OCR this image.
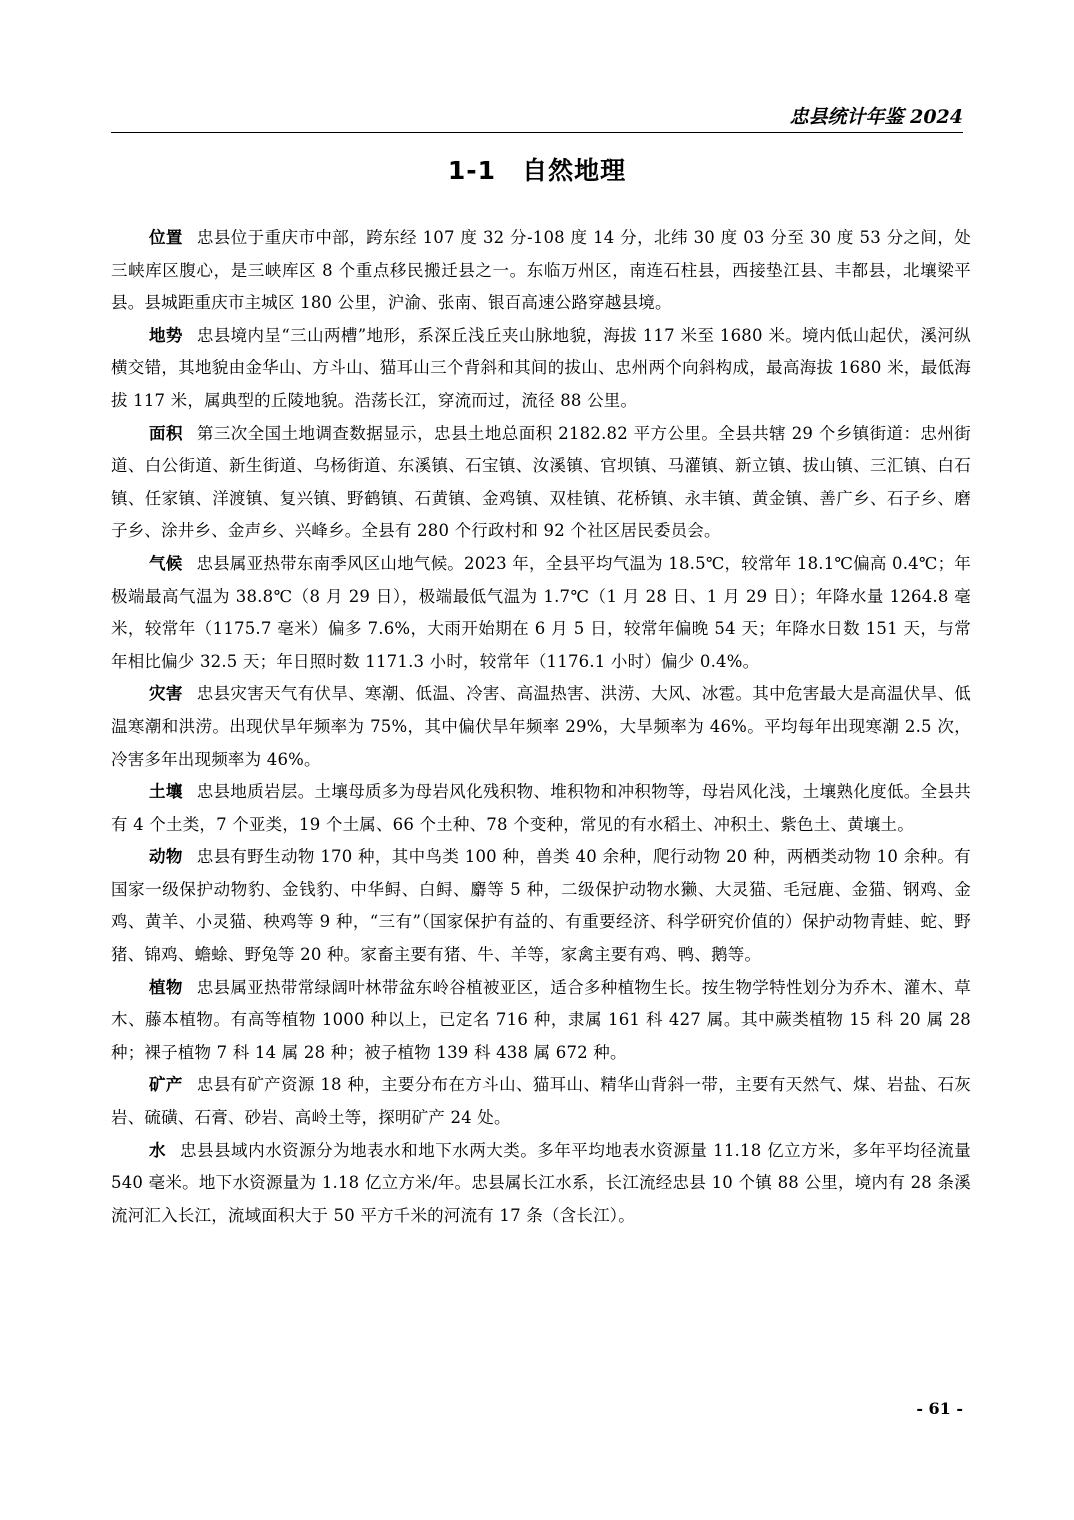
忠县统计年鉴 2024
1-1 自然地理

位置 忠县位于重庆市中部，跨东经 107 度 32 分-108 度 14 分，北纬 30 度 03 分至 30 度 53 分之间，处三峡库区腹心，是三峡库区 8 个重点移民搬迁县之一。东临万州区，南连石柱县，西接垫江县、丰都县，北壤梁平县。县城距重庆市主城区 180 公里，沪渝、张南、银百高速公路穿越县境。

地势 忠县境内呈“三山两槽”地形，系深丘浅丘夹山脉地貌，海拔 117 米至 1680 米。境内低山起伏，溪河纵横交错，其地貌由金华山、方斗山、猫耳山三个背斜和其间的拔山、忠州两个向斜构成，最高海拔 1680 米，最低海拔 117 米，属典型的丘陵地貌。浩荡长江，穿流而过，流径 88 公里。

面积 第三次全国土地调查数据显示，忠县土地总面积 2182.82 平方公里。全县共辖 29 个乡镇街道：忠州街道、白公街道、新生街道、乌杨街道、东溪镇、石宝镇、汝溪镇、官坝镇、马灌镇、新立镇、拔山镇、三汇镇、白石镇、任家镇、洋渡镇、复兴镇、野鹤镇、石黄镇、金鸡镇、双桂镇、花桥镇、永丰镇、黄金镇、善广乡、石子乡、磨子乡、涂井乡、金声乡、兴峰乡。全县有 280 个行政村和 92 个社区居民委员会。

气候 忠县属亚热带东南季风区山地气候。2023 年，全县平均气温为 18.5℃，较常年 18.1℃偏高 0.4℃；年极端最高气温为 38.8℃（8 月 29 日），极端最低气温为 1.7℃（1 月 28 日、1 月 29 日）；年降水量 1264.8 毫米，较常年（1175.7 毫米）偏多 7.6%，大雨开始期在 6 月 5 日，较常年偏晚 54 天；年降水日数 151 天，与常年相比偏少 32.5 天；年日照时数 1171.3 小时，较常年（1176.1 小时）偏少 0.4%。

灾害 忠县灾害天气有伏旱、寒潮、低温、冷害、高温热害、洪涝、大风、冰雹。其中危害最大是高温伏旱、低温寒潮和洪涝。出现伏旱年频率为 75%，其中偏伏旱年频率 29%，大旱频率为 46%。平均每年出现寒潮 2.5 次，冷害多年出现频率为 46%。

土壤 忠县地质岩层。土壤母质多为母岩风化残积物、堆积物和冲积物等，母岩风化浅，土壤熟化度低。全县共有 4 个土类，7 个亚类，19 个土属、66 个土种、78 个变种，常见的有水稻土、冲积土、紫色土、黄壤土。

动物 忠县有野生动物 170 种，其中鸟类 100 种，兽类 40 余种，爬行动物 20 种，两栖类动物 10 余种。有国家一级保护动物豹、金钱豹、中华鲟、白鲟、麝等 5 种，二级保护动物水獭、大灵猫、毛冠鹿、金猫、钢鸡、金鸡、黄羊、小灵猫、秧鸡等 9 种，“三有”（国家保护有益的、有重要经济、科学研究价值的）保护动物青蛙、蛇、野猪、锦鸡、蟾蜍、野兔等 20 种。家畜主要有猪、牛、羊等，家禽主要有鸡、鸭、鹅等。

植物 忠县属亚热带常绿阔叶林带盆东岭谷植被亚区，适合多种植物生长。按生物学特性划分为乔木、灌木、草木、藤本植物。有高等植物 1000 种以上，已定名 716 种，隶属 161 科 427 属。其中蕨类植物 15 科 20 属 28 种；裸子植物 7 科 14 属 28 种；被子植物 139 科 438 属 672 种。

矿产 忠县有矿产资源 18 种，主要分布在方斗山、猫耳山、精华山背斜一带，主要有天然气、煤、岩盐、石灰岩、硫磺、石膏、砂岩、高岭土等，探明矿产 24 处。

水 忠县县域内水资源分为地表水和地下水两大类。多年平均地表水资源量 11.18 亿立方米，多年平均径流量 540 毫米。地下水资源量为 1.18 亿立方米/年。忠县属长江水系，长江流经忠县 10 个镇 88 公里，境内有 28 条溪流河汇入长江，流域面积大于 50 平方千米的河流有 17 条（含长江）。

- 61 -
